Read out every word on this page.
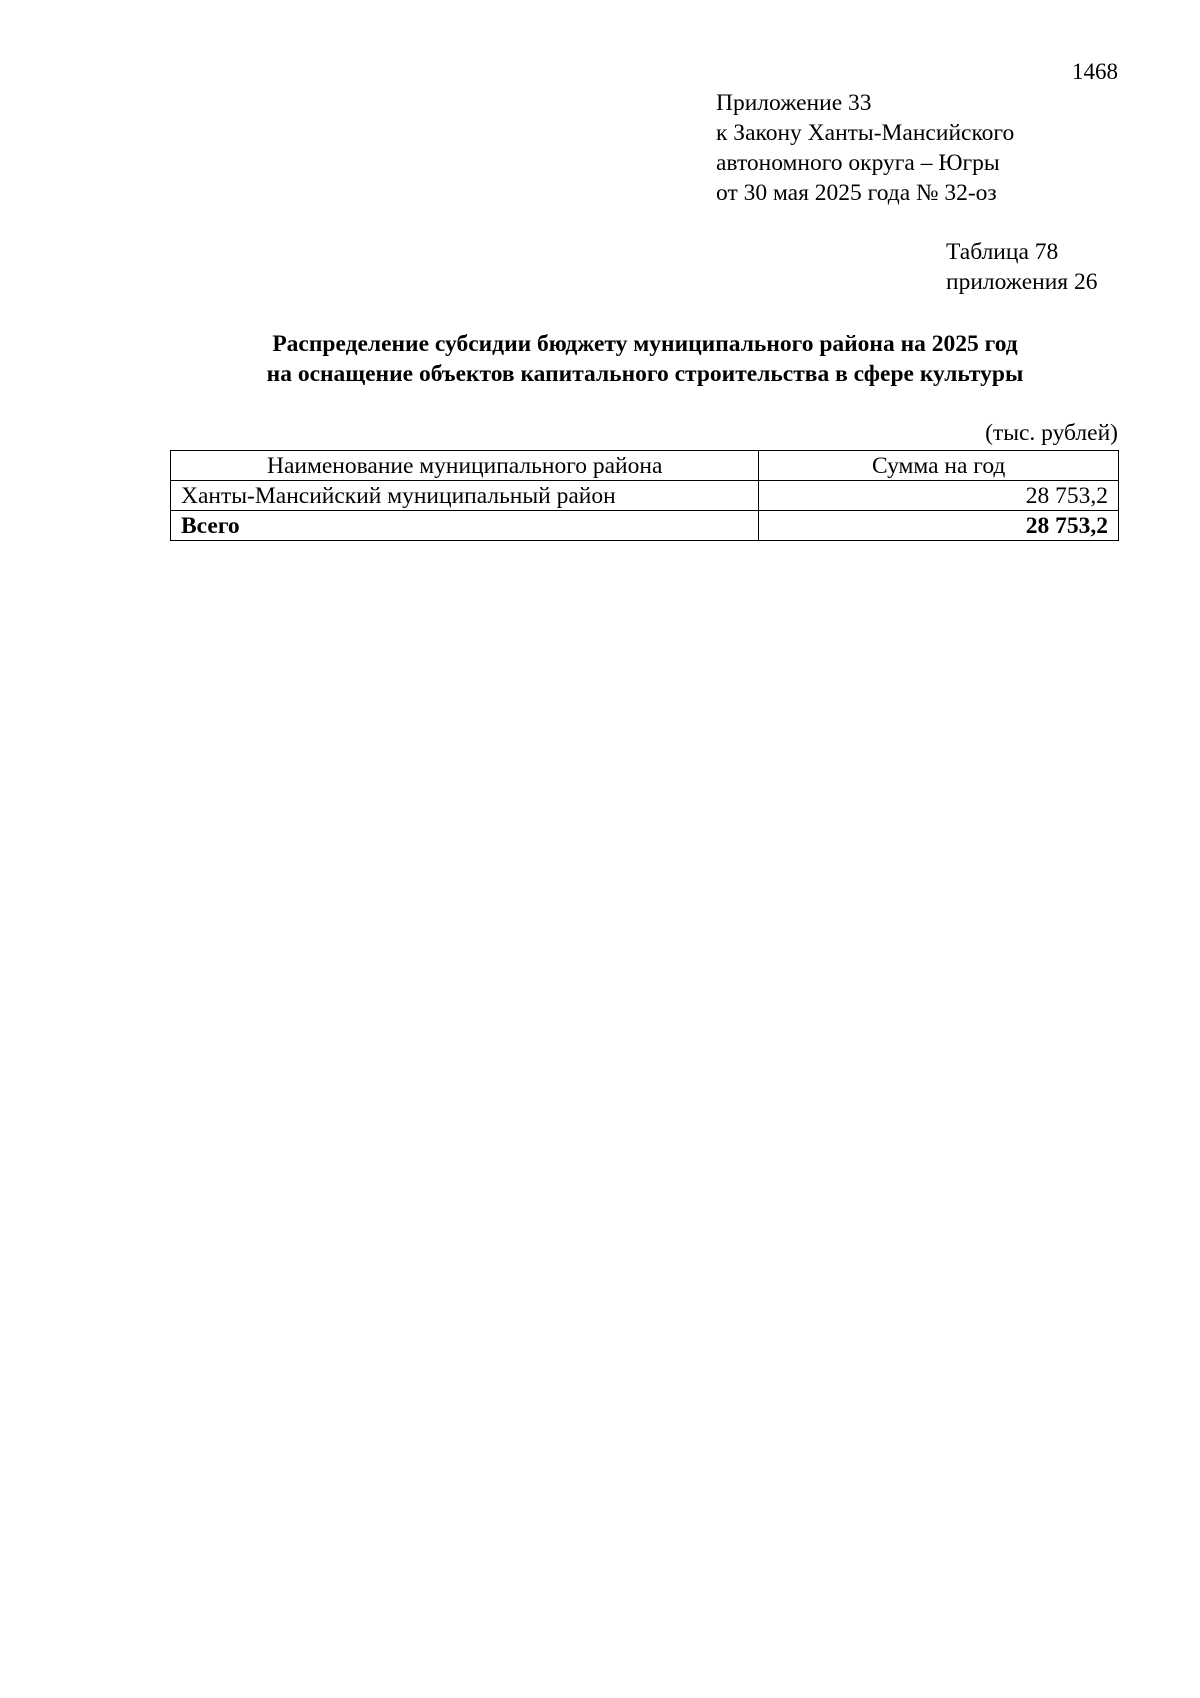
1468
Приложение 33
к Закону Ханты-Мансийского
автономного округа – Югры
от 30 мая 2025 года № 32-оз
Таблица 78
приложения 26
Распределение субсидии бюджету муниципального района на 2025 год
на оснащение объектов капитального строительства в сфере культуры
(тыс. рублей)
Наименование муниципального района	Сумма на год
Ханты-Мансийский муниципальный район	28 753,2
Всего	28 753,2
